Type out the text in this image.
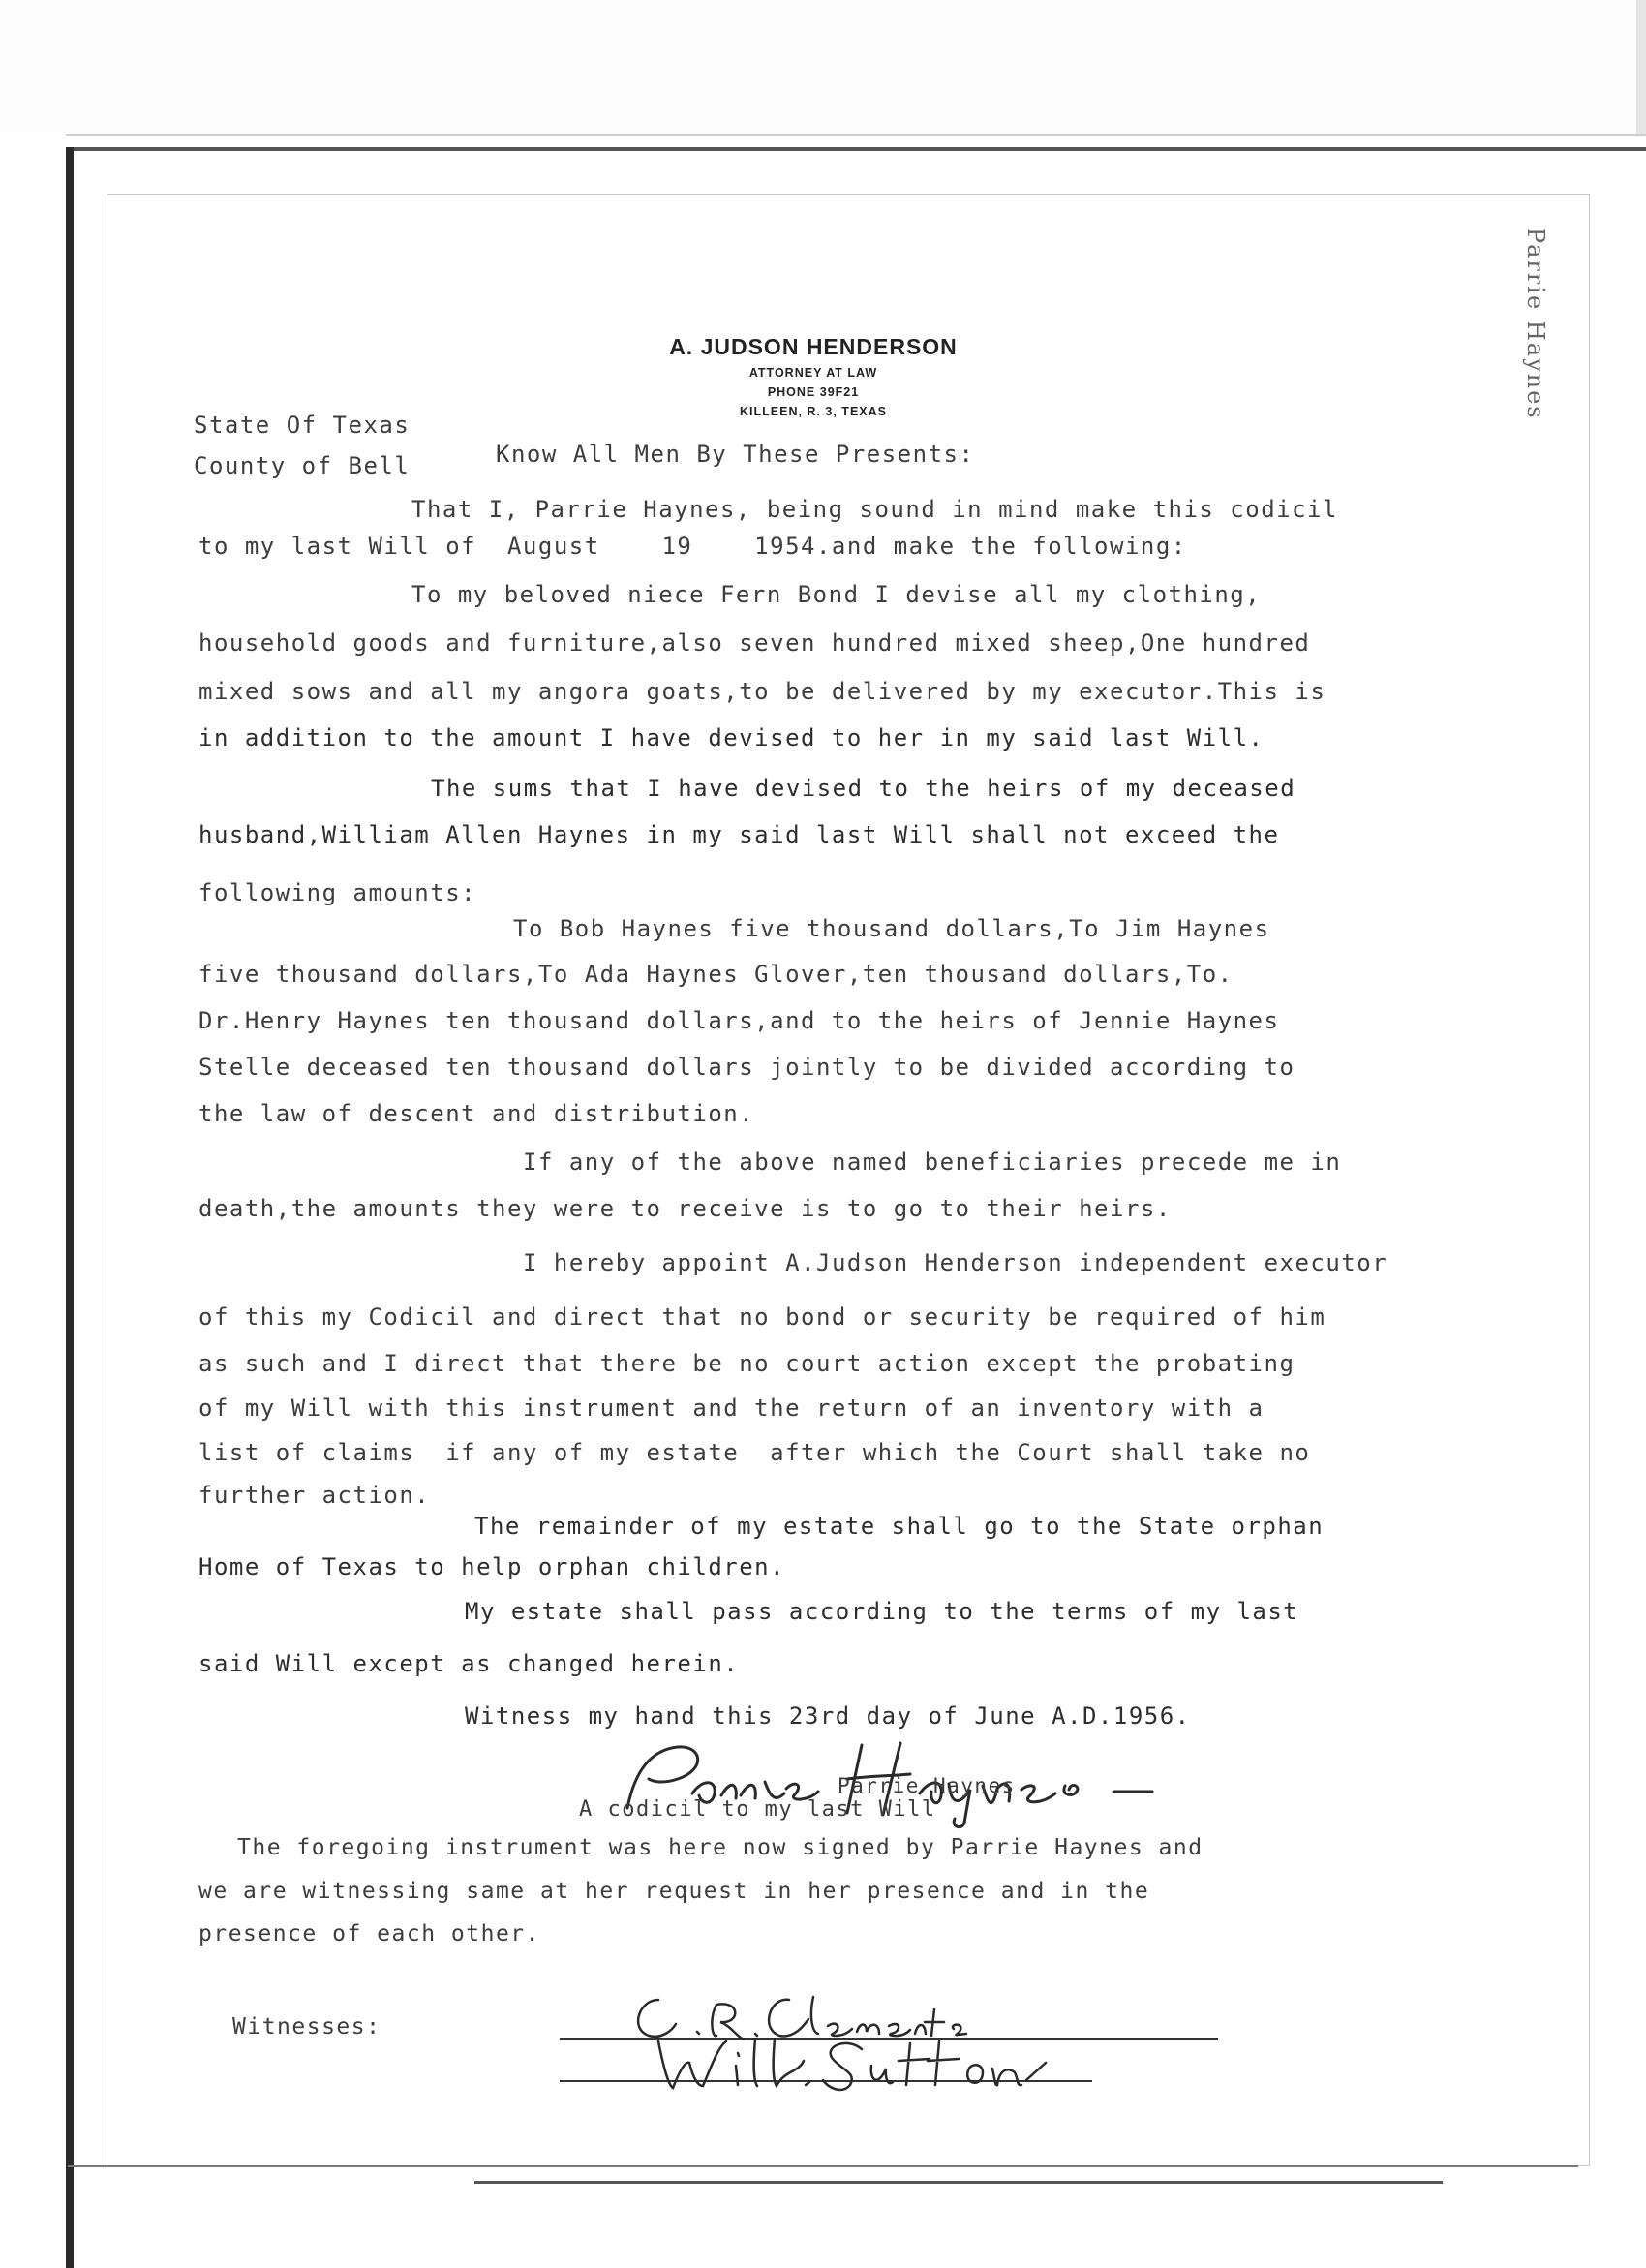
A. JUDSON HENDERSON
ATTORNEY AT LAW
PHONE 39F21
KILLEEN, R. 3, TEXAS	Parrie Haynes
State Of Texas
County of Bell	Know All Men By These Presents:
That I, Parrie Haynes, being sound in mind make this codicil
to my last Will of  August    19    1954.and make the following:
To my beloved niece Fern Bond I devise all my clothing,
household goods and furniture,also seven hundred mixed sheep,One hundred
mixed sows and all my angora goats,to be delivered by my executor.This is
in addition to the amount I have devised to her in my said last Will.
The sums that I have devised to the heirs of my deceased
husband,William Allen Haynes in my said last Will shall not exceed the
following amounts:
To Bob Haynes five thousand dollars,To Jim Haynes
five thousand dollars,To Ada Haynes Glover,ten thousand dollars,To.
Dr.Henry Haynes ten thousand dollars,and to the heirs of Jennie Haynes
Stelle deceased ten thousand dollars jointly to be divided according to
the law of descent and distribution.
If any of the above named beneficiaries precede me in
death,the amounts they were to receive is to go to their heirs.
I hereby appoint A.Judson Henderson independent executor
of this my Codicil and direct that no bond or security be required of him
as such and I direct that there be no court action except the probating
of my Will with this instrument and the return of an inventory with a
list of claims  if any of my estate  after which the Court shall take no
further action.
The remainder of my estate shall go to the State orphan
Home of Texas to help orphan children.
My estate shall pass according to the terms of my last
said Will except as changed herein.
Witness my hand this 23rd day of June A.D.1956.
Parrie Haynes
A codicil to my last Will
The foregoing instrument was here now signed by Parrie Haynes and
we are witnessing same at her request in her presence and in the
presence of each other.
Witnesses:
